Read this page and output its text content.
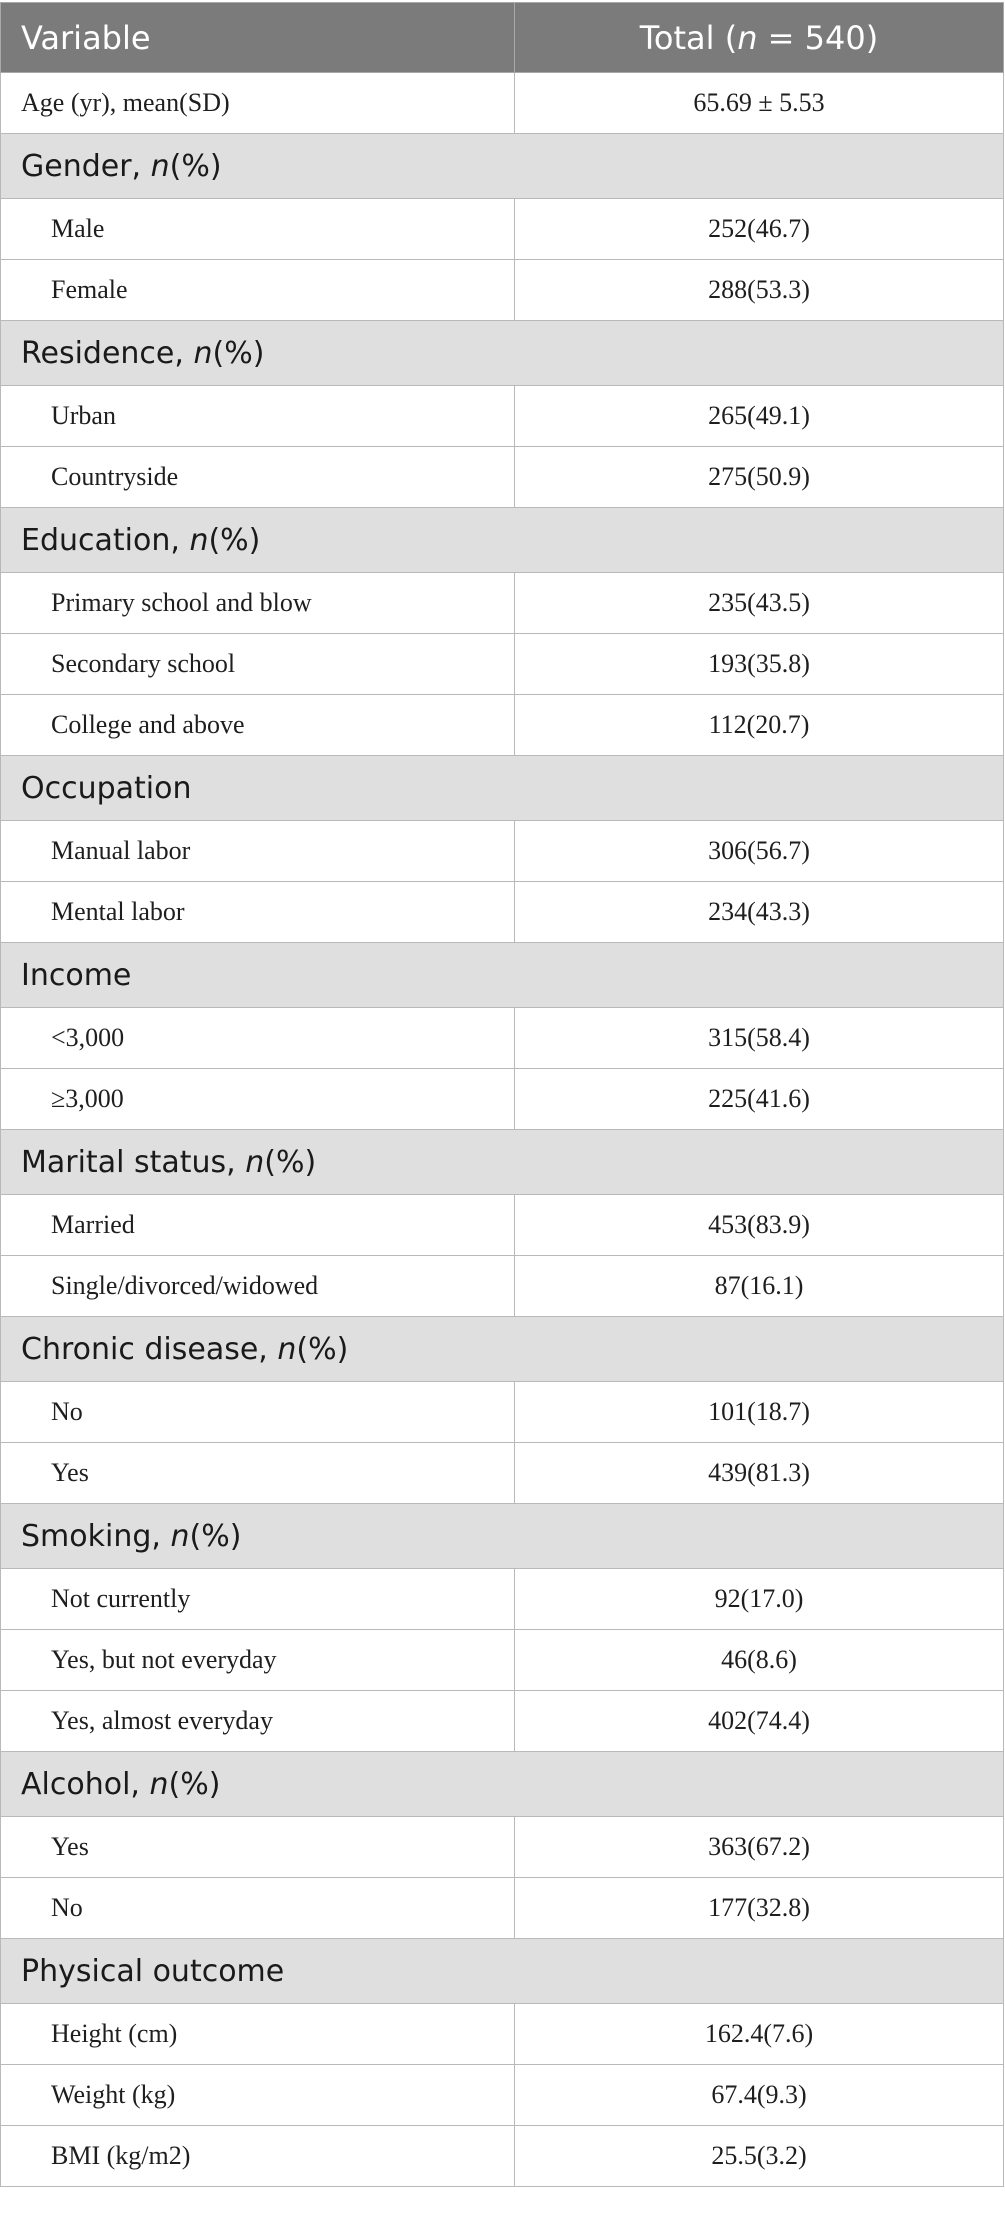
Variable	Total (n = 540)
Age (yr), mean(SD)	65.69 ± 5.53
Gender, n(%)	
Male	252(46.7)
Female	288(53.3)
Residence, n(%)	
Urban	265(49.1)
Countryside	275(50.9)
Education, n(%)	
Primary school and blow	235(43.5)
Secondary school	193(35.8)
College and above	112(20.7)
Occupation	
Manual labor	306(56.7)
Mental labor	234(43.3)
Income	
<3,000	315(58.4)
≥3,000	225(41.6)
Marital status, n(%)	
Married	453(83.9)
Single/divorced/widowed	87(16.1)
Chronic disease, n(%)	
No	101(18.7)
Yes	439(81.3)
Smoking, n(%)	
Not currently	92(17.0)
Yes, but not everyday	46(8.6)
Yes, almost everyday	402(74.4)
Alcohol, n(%)	
Yes	363(67.2)
No	177(32.8)
Physical outcome	
Height (cm)	162.4(7.6)
Weight (kg)	67.4(9.3)
BMI (kg/m2)	25.5(3.2)
